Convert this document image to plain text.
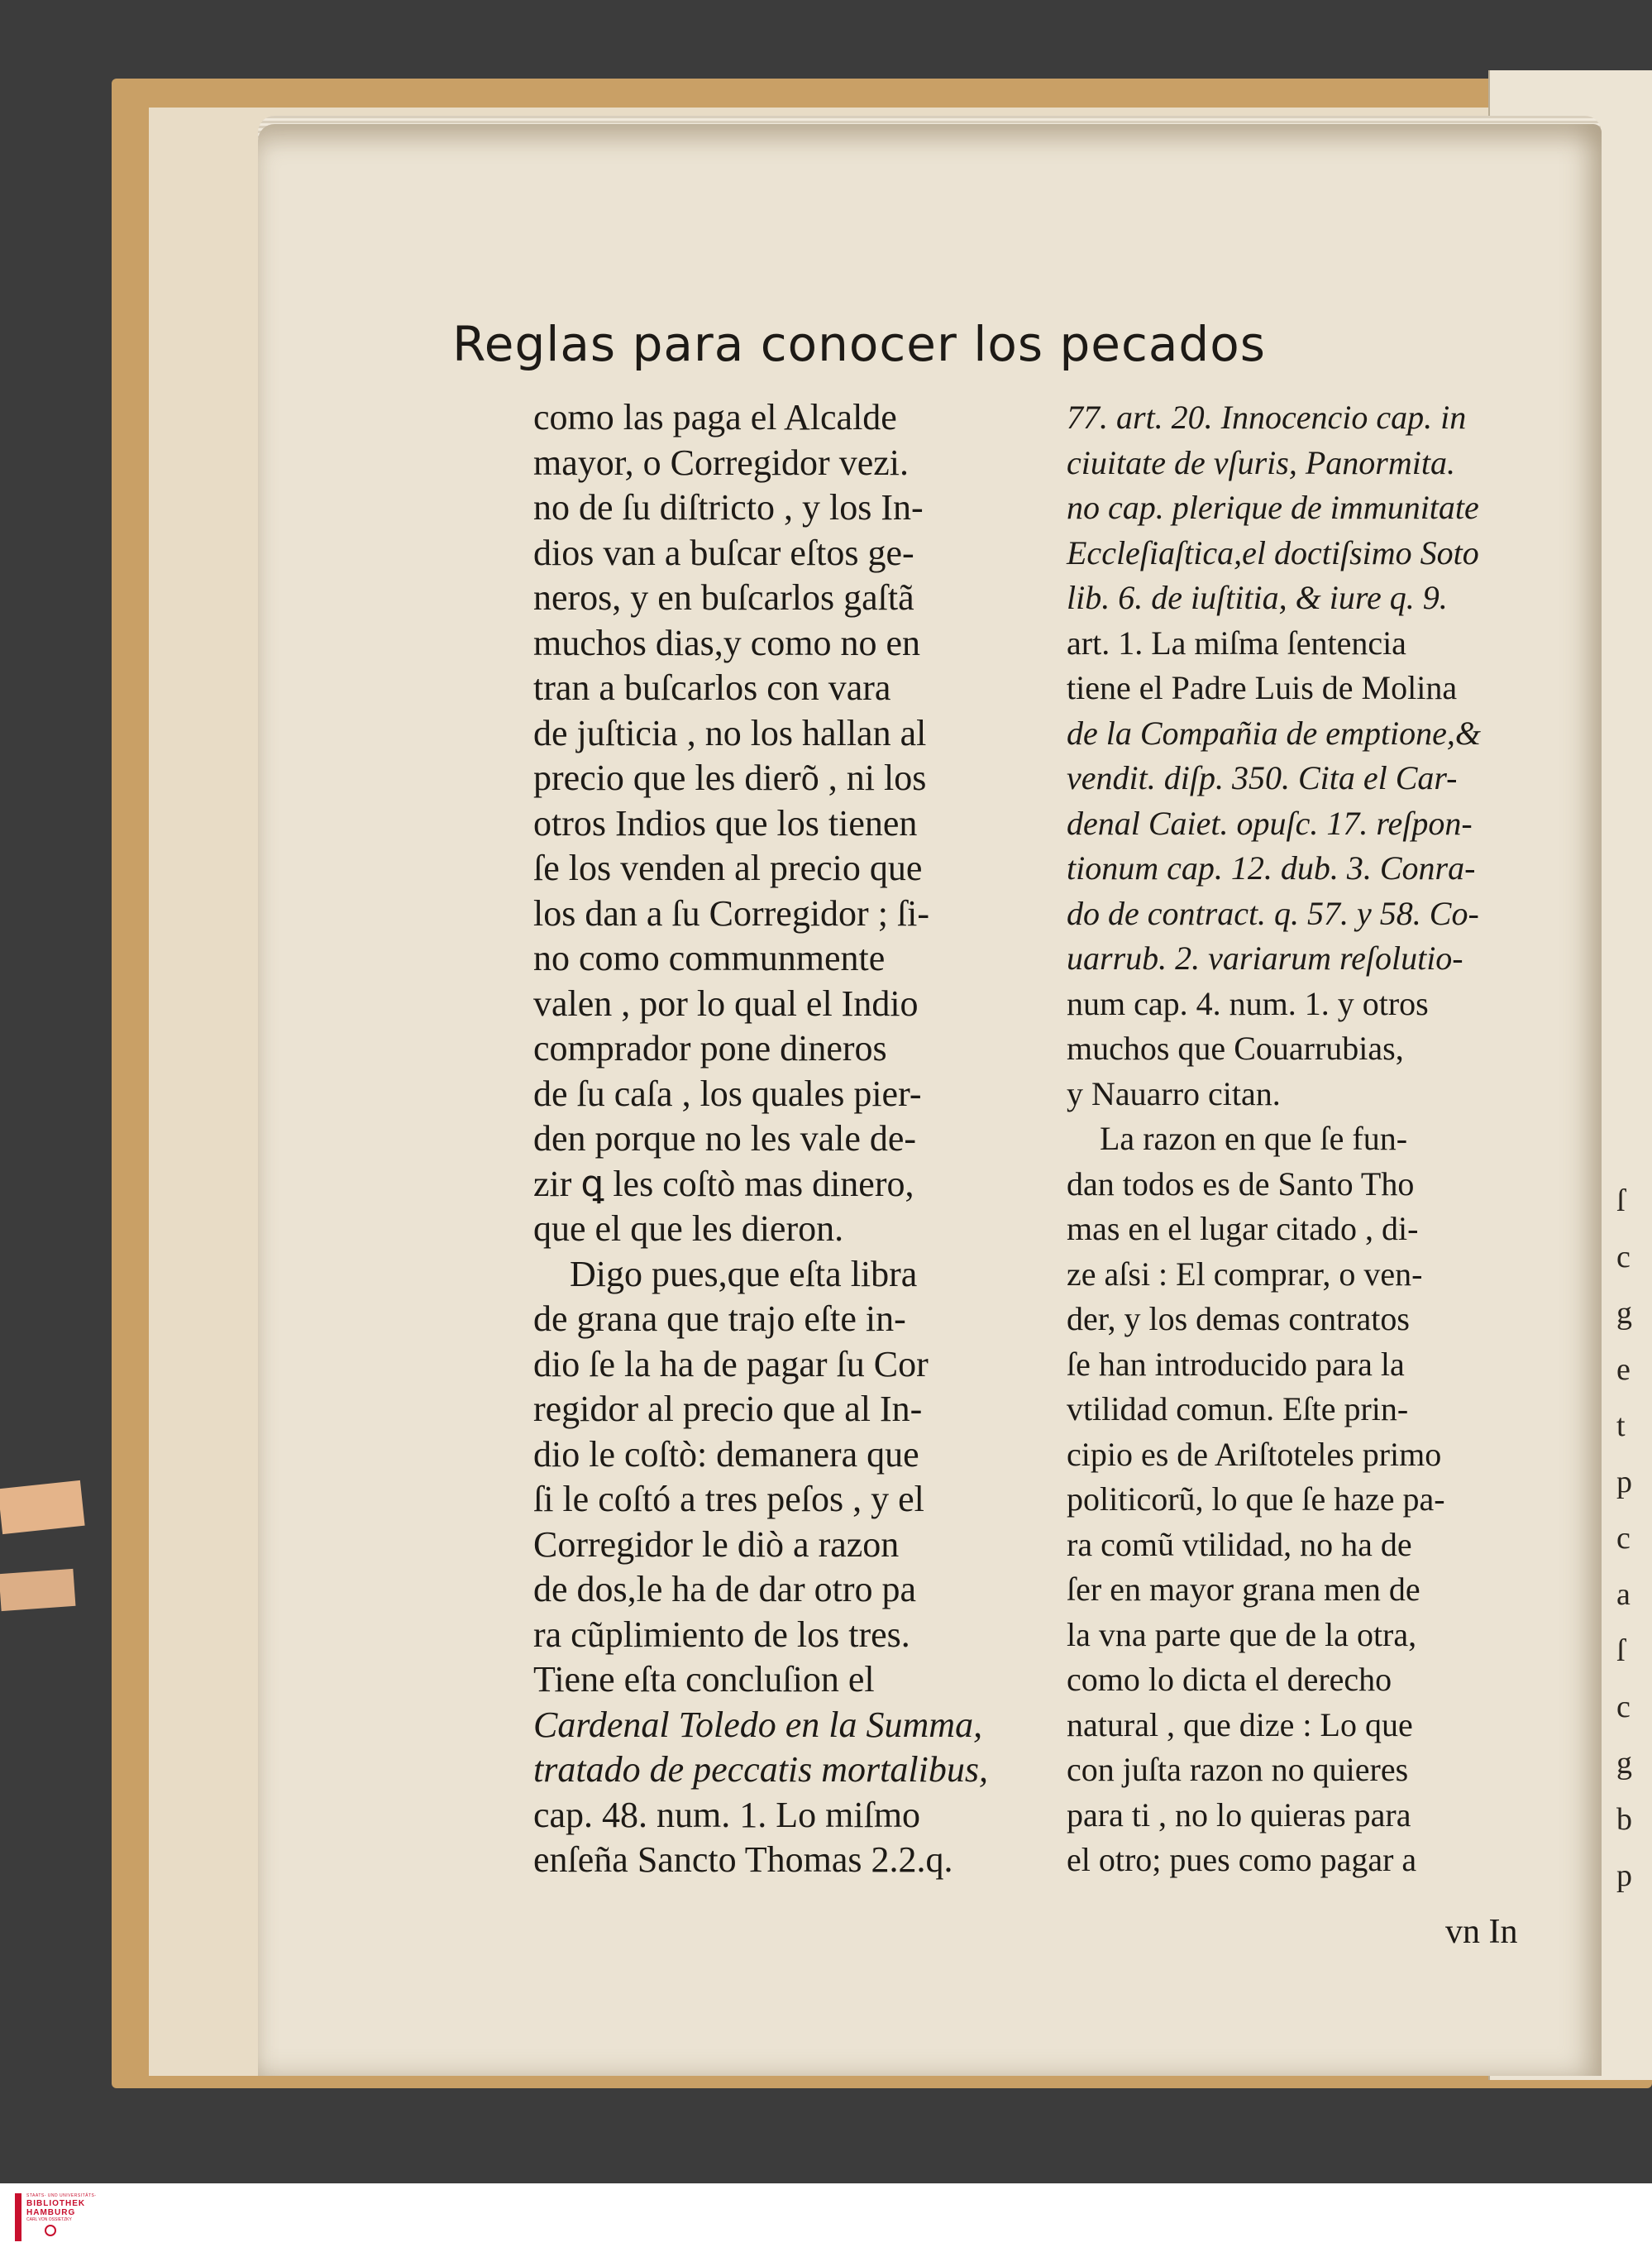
Reglas para conocer los pecados
como las paga el Alcalde
mayor, o Corregidor vezi.
no de ſu diſtricto , y los In-
dios van a buſcar eſtos ge-
neros, y en buſcarlos gaſtã
muchos dias,y como no en
tran a buſcarlos con vara
de juſticia , no los hallan al
precio que les dierõ , ni los
otros Indios que los tienen
ſe los venden al precio que
los dan a ſu Corregidor ; ſi-
no como communmente
valen , por lo qual el Indio
comprador pone dineros
de ſu caſa , los quales pier-
den porque no les vale de-
zir ꝗ les coſtò mas dinero,
que el que les dieron.
Digo pues,que eſta libra
de grana que trajo eſte in-
dio ſe la ha de pagar ſu Cor
regidor al precio que al In-
dio le coſtò: demanera que
ſi le coſtó a tres peſos , y el
Corregidor le diò a razon
de dos,le ha de dar otro pa
ra cũplimiento de los tres.
Tiene eſta concluſion el
Cardenal Toledo en la Summa,
tratado de peccatis mortalibus,
cap. 48. num. 1. Lo miſmo
enſeña Sancto Thomas 2.2.q.
77. art. 20. Innocencio cap. in
ciuitate de vſuris, Panormita.
no cap. plerique de immunitate
Eccleſiaſtica,el doctiſsimo Soto
lib. 6. de iuſtitia, & iure q. 9.
art. 1. La miſma ſentencia
tiene el Padre Luis de Molina
de la Compañia de emptione,&
vendit. diſp. 350. Cita el Car-
denal Caiet. opuſc. 17. reſpon-
tionum cap. 12. dub. 3. Conra-
do de contract. q. 57. y 58. Co-
uarrub. 2. variarum reſolutio-
num cap. 4. num. 1. y otros
muchos que Couarrubias,
y Nauarro citan.
La razon en que ſe fun-
dan todos es de Santo Tho
mas en el lugar citado , di-
ze aſsi : El comprar, o ven-
der, y los demas contratos
ſe han introducido para la
vtilidad comun. Eſte prin-
cipio es de Ariſtoteles primo
politicorũ, lo que ſe haze pa-
ra comũ vtilidad, no ha de
ſer en mayor grana men de
la vna parte que de la otra,
como lo dicta el derecho
natural , que dize : Lo que
con juſta razon no quieres
para ti , no lo quieras para
el otro; pues como pagar a
vn In
ſ
c
g
e
t
p
c
a
ſ
c
g
b
p
STAATS- UND UNIVERSITÄTS-
BIBLIOTHEK
HAMBURG
CARL VON OSSIETZKY
